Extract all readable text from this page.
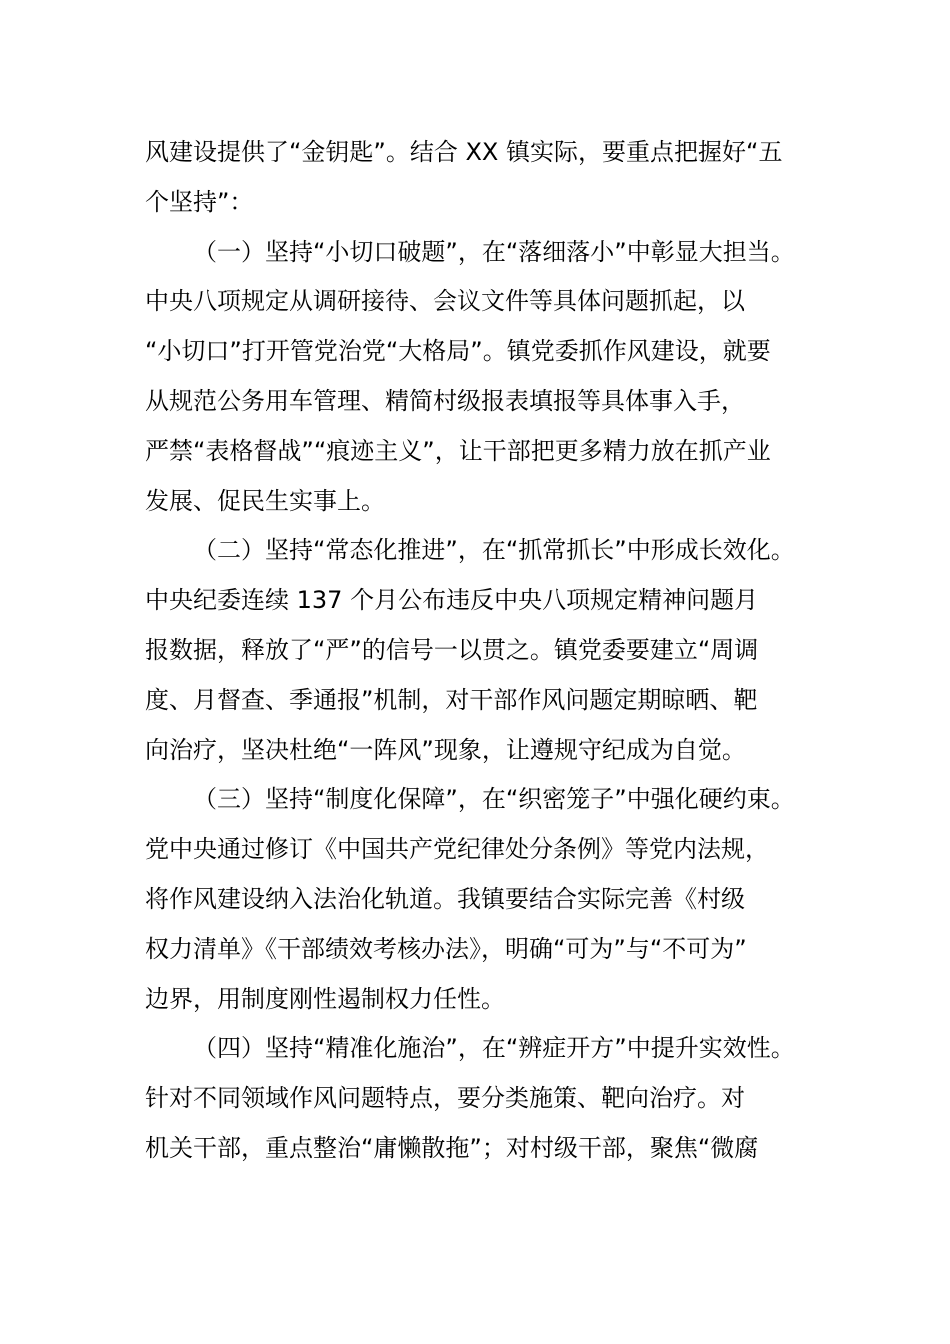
风建设提供了“金钥匙”。结合 XX 镇实际，要重点把握好“五
个坚持”：
（一）坚持“小切口破题”，在“落细落小”中彰显大担当。
中央八项规定从调研接待、会议文件等具体问题抓起，以
“小切口”打开管党治党“大格局”。镇党委抓作风建设，就要
从规范公务用车管理、精简村级报表填报等具体事入手，
严禁“表格督战”“痕迹主义”，让干部把更多精力放在抓产业
发展、促民生实事上。
（二）坚持“常态化推进”，在“抓常抓长”中形成长效化。
中央纪委连续 137 个月公布违反中央八项规定精神问题月
报数据，释放了“严”的信号一以贯之。镇党委要建立“周调
度、月督查、季通报”机制，对干部作风问题定期晾晒、靶
向治疗，坚决杜绝“一阵风”现象，让遵规守纪成为自觉。
（三）坚持“制度化保障”，在“织密笼子”中强化硬约束。
党中央通过修订《中国共产党纪律处分条例》等党内法规，
将作风建设纳入法治化轨道。我镇要结合实际完善《村级
权力清单》《干部绩效考核办法》，明确“可为”与“不可为”
边界，用制度刚性遏制权力任性。
（四）坚持“精准化施治”，在“辨症开方”中提升实效性。
针对不同领域作风问题特点，要分类施策、靶向治疗。对
机关干部，重点整治“庸懒散拖”；对村级干部，聚焦“微腐
